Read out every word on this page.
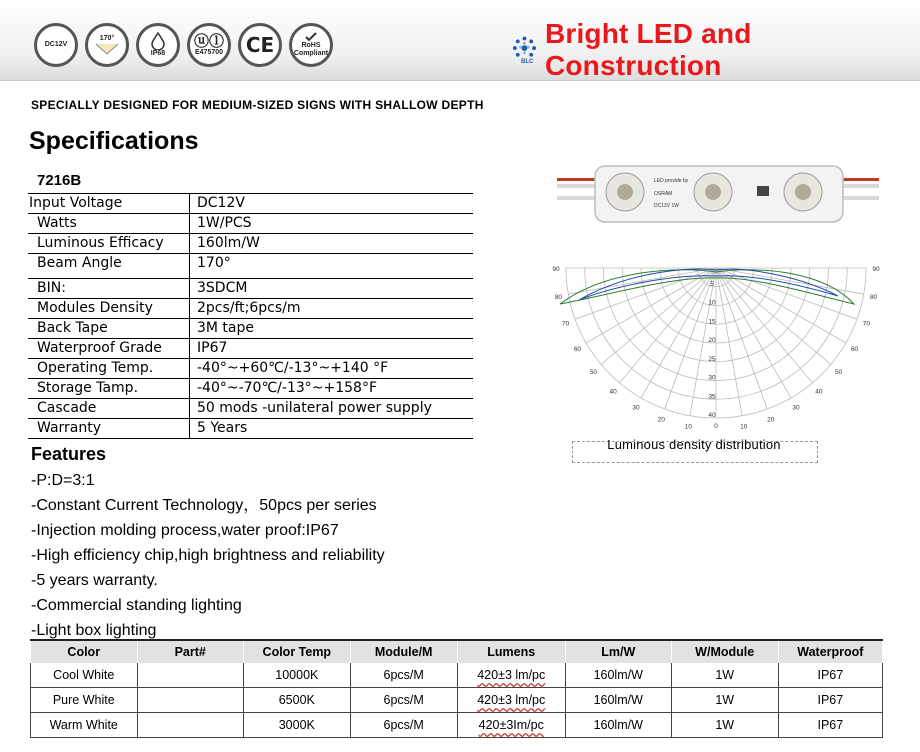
DC12V
170°
IP68
ⓤⓛ
E475700 CE	RoHS Compliant
BLC
Bright LED and Construction
SPECIALLY DESIGNED FOR MEDIUM-SIZED SIGNS WITH SHALLOW DEPTH
Specifications
7216B
Input Voltage	DC12V
Watts	1W/PCS
Luminous Efficacy	160lm/W
Beam Angle	170°
BIN:	3SDCM
Modules Density	2pcs/ft;6pcs/m
Back Tape	3M tape
Waterproof Grade	IP67
Operating Temp.	-40°~+60℃/-13°~+140 °F
Storage Tamp.	-40°~-70℃/-13°~+158°F
Cascade	50 mods -unilateral power supply
Warranty	5 Years
LED provide by
OSRAM
DC12V 1W
90	90
80	80
70	70
60	60
50	50
40	40
30	30
20	20
10	10
0
5
10
15
20
25
30
35
40
Luminous density distribution
Features
-P:D=3:1
-Constant Current Technology，50pcs per series
-Injection molding process,water proof:IP67
-High efficiency chip,high brightness and reliability
-5 years warranty.
-Commercial standing lighting
-Light box lighting
Color	Part#	Color Temp	Module/M	Lumens	Lm/W	W/Module	Waterproof
Cool White		10000K	6pcs/M	420±3 lm/pc	160lm/W	1W	IP67
Pure White		6500K	6pcs/M	420±3 lm/pc	160lm/W	1W	IP67
Warm White		3000K	6pcs/M	420±3Im/pc	160lm/W	1W	IP67
